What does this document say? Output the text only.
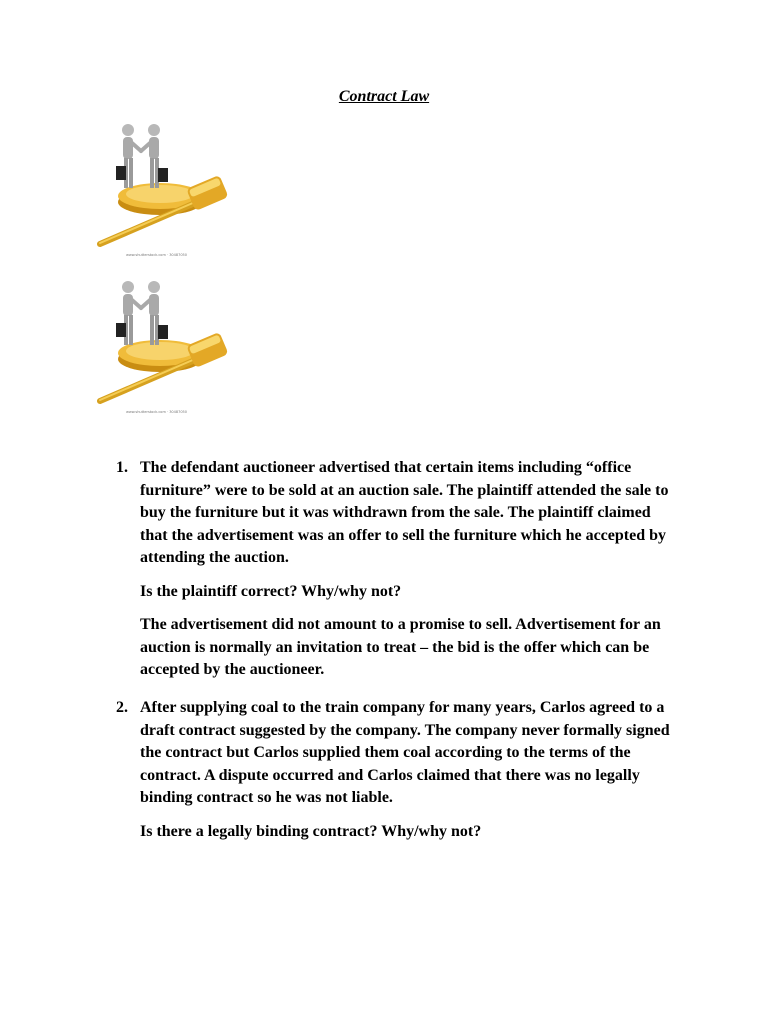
Contract Law
www.shutterstock.com · 30487050
www.shutterstock.com · 30487050
1. The defendant auctioneer advertised that certain items including “office furniture” were to be sold at an auction sale. The plaintiff attended the sale to buy the furniture but it was withdrawn from the sale. The plaintiff claimed that the advertisement was an offer to sell the furniture which he accepted by attending the auction.

Is the plaintiff correct? Why/why not?

The advertisement did not amount to a promise to sell. Advertisement for an auction is normally an invitation to treat – the bid is the offer which can be accepted by the auctioneer.

2. After supplying coal to the train company for many years, Carlos agreed to a draft contract suggested by the company. The company never formally signed the contract but Carlos supplied them coal according to the terms of the contract. A dispute occurred and Carlos claimed that there was no legally binding contract so he was not liable.

Is there a legally binding contract? Why/why not?
